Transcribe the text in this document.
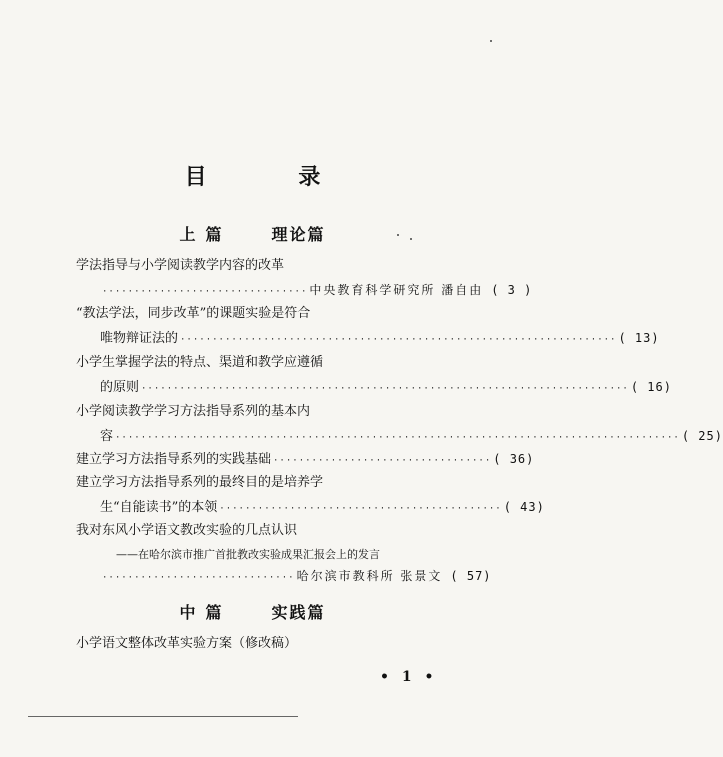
目 录
上篇	理论篇
学法指导与小学阅读教学内容的改革
································ 中央教育科学研究所 潘自由 ( 3 )
“教法学法，同步改革”的课题实验是符合
唯物辩证法的 ···································································· ( 13)
小学生掌握学法的特点、渠道和教学应遵循
的原则 ············································································ ( 16)
小学阅读教学学习方法指导系列的基本内
容 ························································································ ( 25)
建立学习方法指导系列的实践基础 ·································· ( 36)
建立学习方法指导系列的最终目的是培养学
生“自能读书”的本领 ············································ ( 43)
我对东风小学语文教改实验的几点认识
——在哈尔滨市推广首批教改实验成果汇报会上的发言
······························ 哈尔滨市教科所 张景文 ( 57)
中篇	实践篇
小学语文整体改革实验方案（修改稿）
• 1 •
